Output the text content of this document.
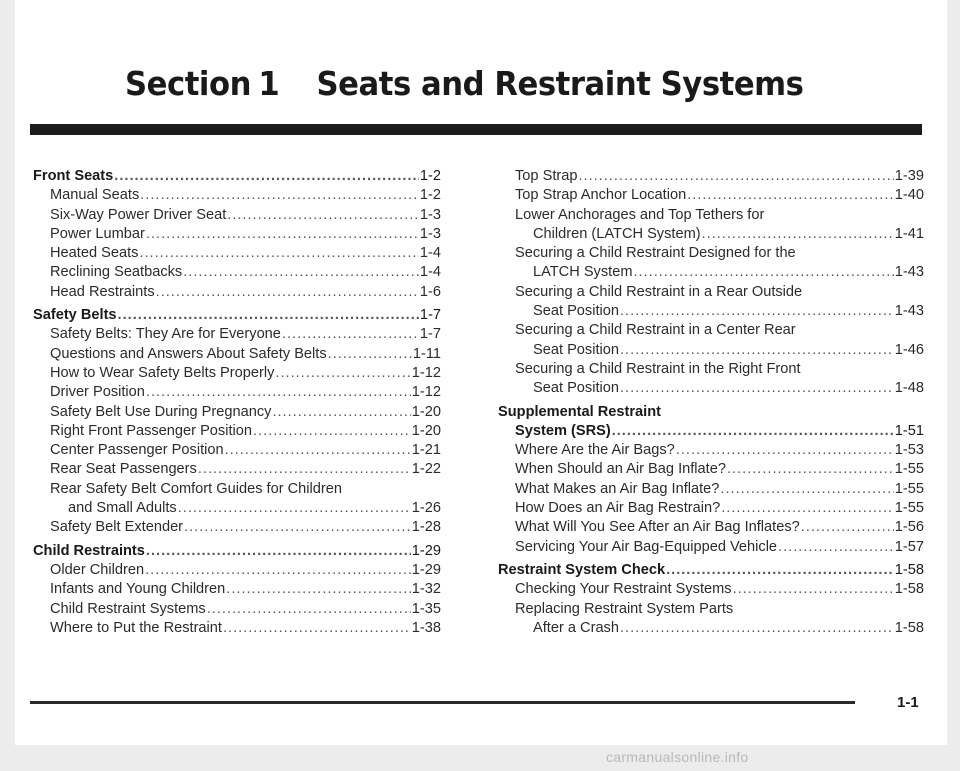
Section 1 Seats and Restraint Systems
Front Seats .....	1-2
Manual Seats .....	1-2
Six-Way Power Driver Seat .....	1-3
Power Lumbar .....	1-3
Heated Seats .....	1-4
Reclining Seatbacks .....	1-4
Head Restraints .....	1-6
Safety Belts .....	1-7
Safety Belts: They Are for Everyone .....	1-7
Questions and Answers About Safety Belts .....	1-11
How to Wear Safety Belts Properly .....	1-12
Driver Position .....	1-12
Safety Belt Use During Pregnancy .....	1-20
Right Front Passenger Position .....	1-20
Center Passenger Position .....	1-21
Rear Seat Passengers .....	1-22
Rear Safety Belt Comfort Guides for Children
and Small Adults .....	1-26
Safety Belt Extender .....	1-28
Child Restraints .....	1-29
Older Children .....	1-29
Infants and Young Children .....	1-32
Child Restraint Systems .....	1-35
Where to Put the Restraint .....	1-38
Top Strap .....	1-39
Top Strap Anchor Location .....	1-40
Lower Anchorages and Top Tethers for
Children (LATCH System) .....	1-41
Securing a Child Restraint Designed for the
LATCH System .....	1-43
Securing a Child Restraint in a Rear Outside
Seat Position .....	1-43
Securing a Child Restraint in a Center Rear
Seat Position .....	1-46
Securing a Child Restraint in the Right Front
Seat Position .....	1-48
Supplemental Restraint
System (SRS) .....	1-51
Where Are the Air Bags? .....	1-53
When Should an Air Bag Inflate? .....	1-55
What Makes an Air Bag Inflate? .....	1-55
How Does an Air Bag Restrain? .....	1-55
What Will You See After an Air Bag Inflates? .....	1-56
Servicing Your Air Bag-Equipped Vehicle .....	1-57
Restraint System Check .....	1-58
Checking Your Restraint Systems .....	1-58
Replacing Restraint System Parts
After a Crash .....	1-58
1-1
carmanualsonline.info
